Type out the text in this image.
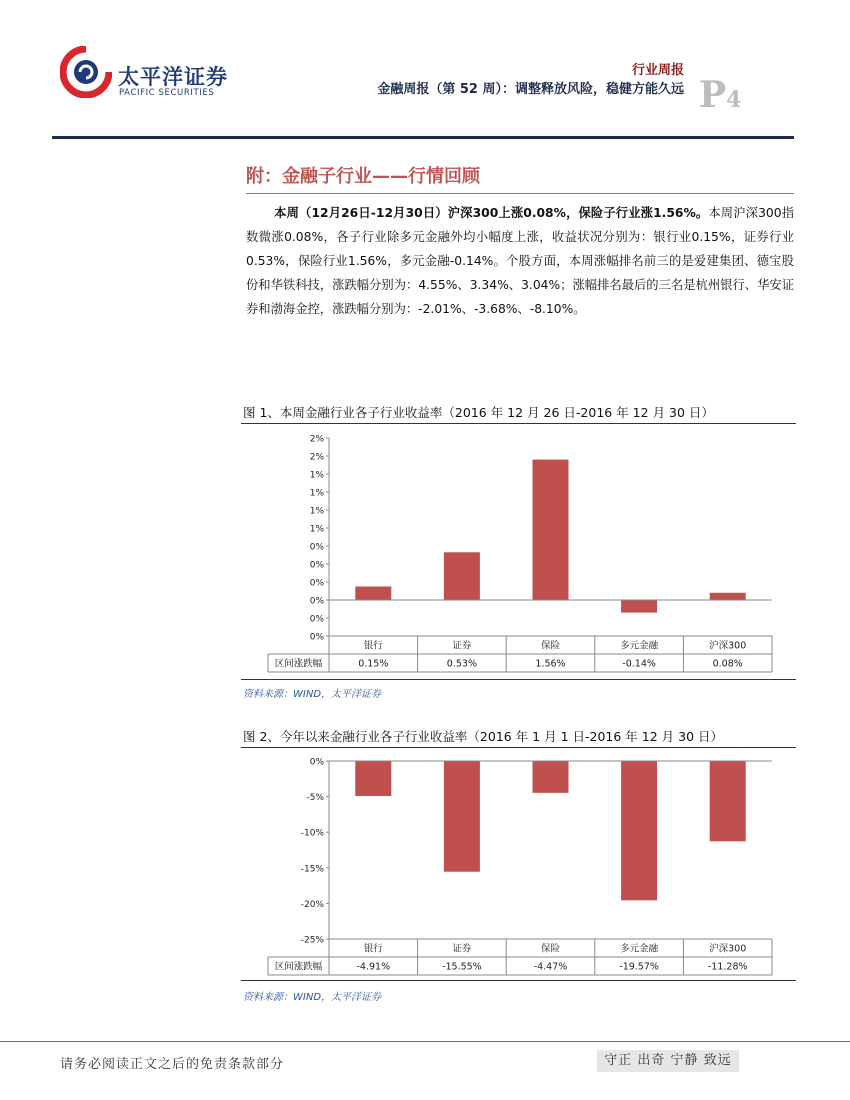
太平洋证券
PACIFIC SECURITIES
行业周报
金融周报（第 52 周）：调整释放风险，稳健方能久远 P4
附：金融子行业——行情回顾
本周（12月26日-12月30日）沪深300上涨0.08%，保险子行业涨1.56%。本周沪深300指数微涨0.08%，各子行业除多元金融外均小幅度上涨，收益状况分别为：银行业0.15%，证券行业0.53%，保险行业1.56%，多元金融-0.14%。个股方面，本周涨幅排名前三的是爱建集团、德宝股份和华铁科技，涨跌幅分别为：4.55%、3.34%、3.04%；涨幅排名最后的三名是杭州银行、华安证券和渤海金控，涨跌幅分别为：-2.01%、-3.68%、-8.10%。
图 1、本周金融行业各子行业收益率（2016 年 12 月 26 日-2016 年 12 月 30 日）
2%
2%
1%
1%
1%
1%
0%
0%
0%
0%
0%
0%
区间涨跌幅
银行
0.15%
证券
0.53%
保险
1.56%
多元金融
-0.14%
沪深300
0.08%
资料来源：WIND，太平洋证券
图 2、今年以来金融行业各子行业收益率（2016 年 1 月 1 日-2016 年 12 月 30 日）
0%
-5%
-10%
-15%
-20%
-25%
区间涨跌幅
银行
-4.91%
证券
-15.55%
保险
-4.47%
多元金融
-19.57%
沪深300
-11.28%
资料来源：WIND，太平洋证券
请务必阅读正文之后的免责条款部分	守正 出奇 宁静 致远
